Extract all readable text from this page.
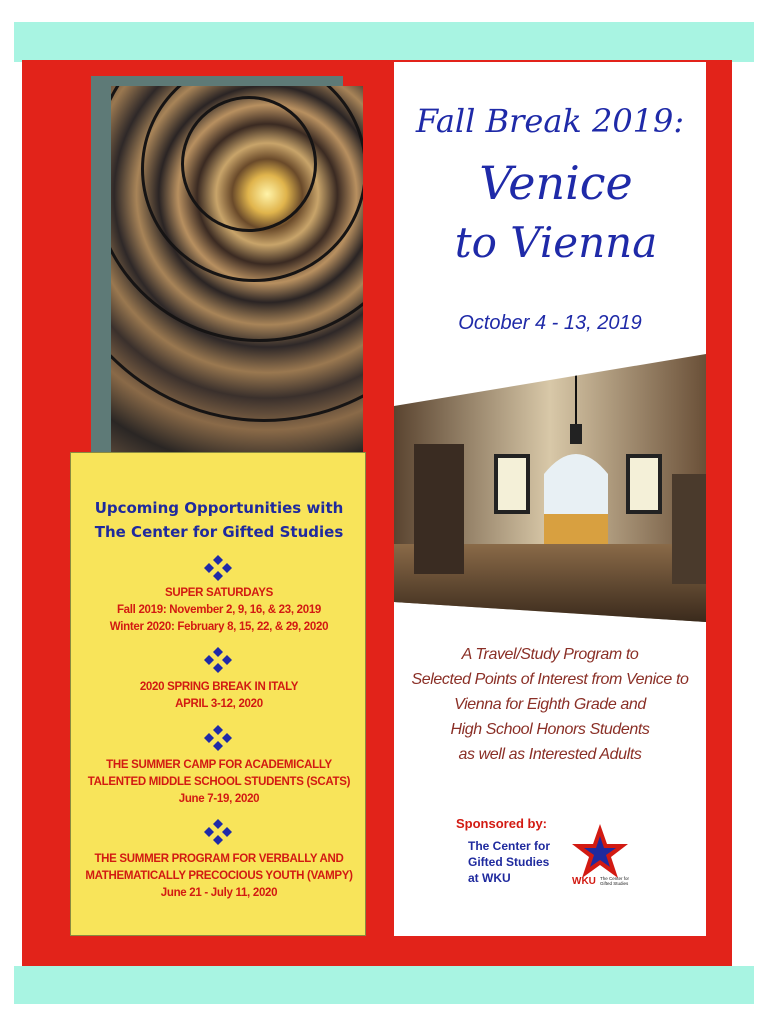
Upcoming Opportunities with

The Center for Gifted Studies

SUPER SATURDAYS
Fall 2019: November 2, 9, 16, & 23, 2019
Winter 2020: February 8, 15, 22, & 29, 2020
2020 SPRING BREAK IN ITALY
APRIL 3-12, 2020
THE SUMMER CAMP FOR ACADEMICALLY
TALENTED MIDDLE SCHOOL STUDENTS (SCATS)
June 7-19, 2020
THE SUMMER PROGRAM FOR VERBALLY AND
MATHEMATICALLY PRECOCIOUS YOUTH (VAMPY)
June 21 - July 11, 2020

Fall Break 2019:

Venice

to Vienna

October 4 - 13, 2019
A Travel/Study Program to
Selected Points of Interest from Venice to
Vienna for Eighth Grade and
High School Honors Students
as well as Interested Adults
Sponsored by:
The Center for
Gifted Studies
at WKU	WKU The Center for
Gifted Studies
